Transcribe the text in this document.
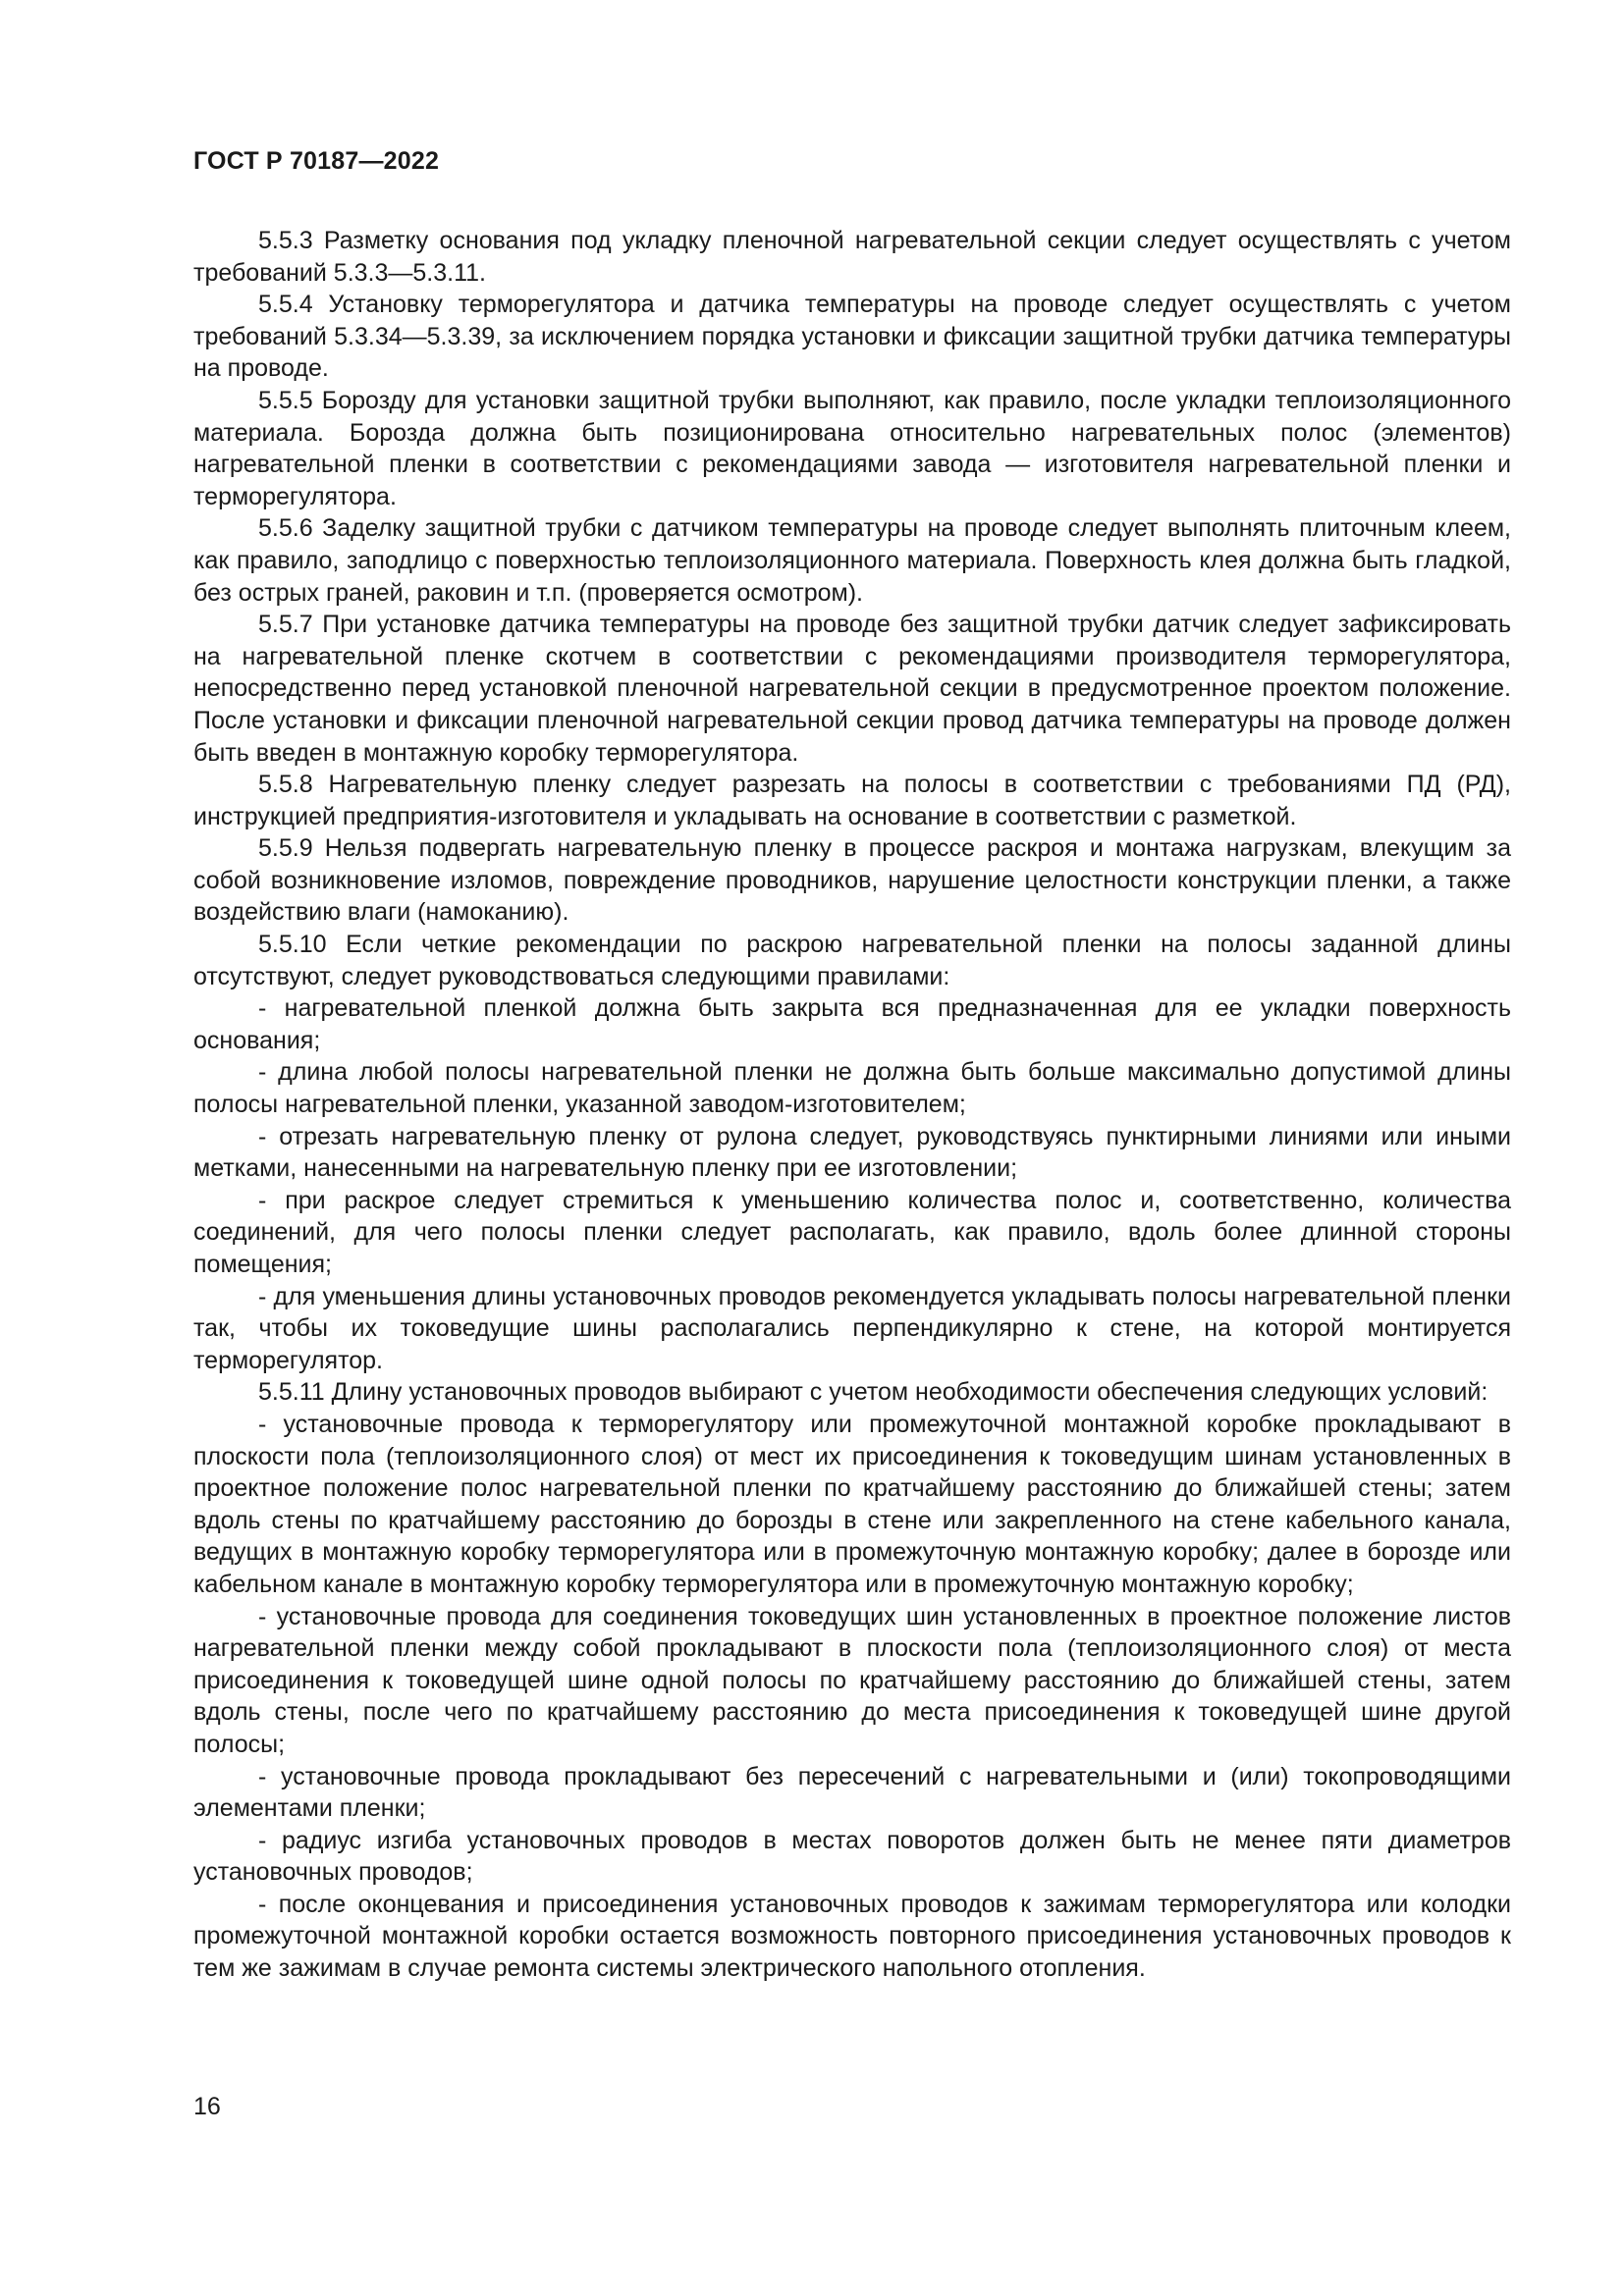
ГОСТ Р 70187—2022

5.5.3 Разметку основания под укладку пленочной нагревательной секции следует осуществлять с учетом требований 5.3.3—5.3.11.

5.5.4 Установку терморегулятора и датчика температуры на проводе следует осуществлять с учетом требований 5.3.34—5.3.39, за исключением порядка установки и фиксации защитной трубки датчика температуры на проводе.

5.5.5 Борозду для установки защитной трубки выполняют, как правило, после укладки теплоизоляционного материала. Борозда должна быть позиционирована относительно нагревательных полос (элементов) нагревательной пленки в соответствии с рекомендациями завода — изготовителя нагревательной пленки и терморегулятора.

5.5.6 Заделку защитной трубки с датчиком температуры на проводе следует выполнять плиточным клеем, как правило, заподлицо с поверхностью теплоизоляционного материала. Поверхность клея должна быть гладкой, без острых граней, раковин и т.п. (проверяется осмотром).

5.5.7 При установке датчика температуры на проводе без защитной трубки датчик следует зафиксировать на нагревательной пленке скотчем в соответствии с рекомендациями производителя терморегулятора, непосредственно перед установкой пленочной нагревательной секции в предусмотренное проектом положение. После установки и фиксации пленочной нагревательной секции провод датчика температуры на проводе должен быть введен в монтажную коробку терморегулятора.

5.5.8 Нагревательную пленку следует разрезать на полосы в соответствии с требованиями ПД (РД), инструкцией предприятия-изготовителя и укладывать на основание в соответствии с разметкой.

5.5.9 Нельзя подвергать нагревательную пленку в процессе раскроя и монтажа нагрузкам, влекущим за собой возникновение изломов, повреждение проводников, нарушение целостности конструкции пленки, а также воздействию влаги (намоканию).

5.5.10 Если четкие рекомендации по раскрою нагревательной пленки на полосы заданной длины отсутствуют, следует руководствоваться следующими правилами:

- нагревательной пленкой должна быть закрыта вся предназначенная для ее укладки поверхность основания;

- длина любой полосы нагревательной пленки не должна быть больше максимально допустимой длины полосы нагревательной пленки, указанной заводом-изготовителем;

- отрезать нагревательную пленку от рулона следует, руководствуясь пунктирными линиями или иными метками, нанесенными на нагревательную пленку при ее изготовлении;

- при раскрое следует стремиться к уменьшению количества полос и, соответственно, количества соединений, для чего полосы пленки следует располагать, как правило, вдоль более длинной стороны помещения;

- для уменьшения длины установочных проводов рекомендуется укладывать полосы нагревательной пленки так, чтобы их токоведущие шины располагались перпендикулярно к стене, на которой монтируется терморегулятор.

5.5.11 Длину установочных проводов выбирают с учетом необходимости обеспечения следующих условий:

- установочные провода к терморегулятору или промежуточной монтажной коробке прокладывают в плоскости пола (теплоизоляционного слоя) от мест их присоединения к токоведущим шинам установленных в проектное положение полос нагревательной пленки по кратчайшему расстоянию до ближайшей стены; затем вдоль стены по кратчайшему расстоянию до борозды в стене или закрепленного на стене кабельного канала, ведущих в монтажную коробку терморегулятора или в промежуточную монтажную коробку; далее в борозде или кабельном канале в монтажную коробку терморегулятора или в промежуточную монтажную коробку;

- установочные провода для соединения токоведущих шин установленных в проектное положение листов нагревательной пленки между собой прокладывают в плоскости пола (теплоизоляционного слоя) от места присоединения к токоведущей шине одной полосы по кратчайшему расстоянию до ближайшей стены, затем вдоль стены, после чего по кратчайшему расстоянию до места присоединения к токоведущей шине другой полосы;

- установочные провода прокладывают без пересечений с нагревательными и (или) токопроводящими элементами пленки;

- радиус изгиба установочных проводов в местах поворотов должен быть не менее пяти диаметров установочных проводов;

- после оконцевания и присоединения установочных проводов к зажимам терморегулятора или колодки промежуточной монтажной коробки остается возможность повторного присоединения установочных проводов к тем же зажимам в случае ремонта системы электрического напольного отопления.

16
